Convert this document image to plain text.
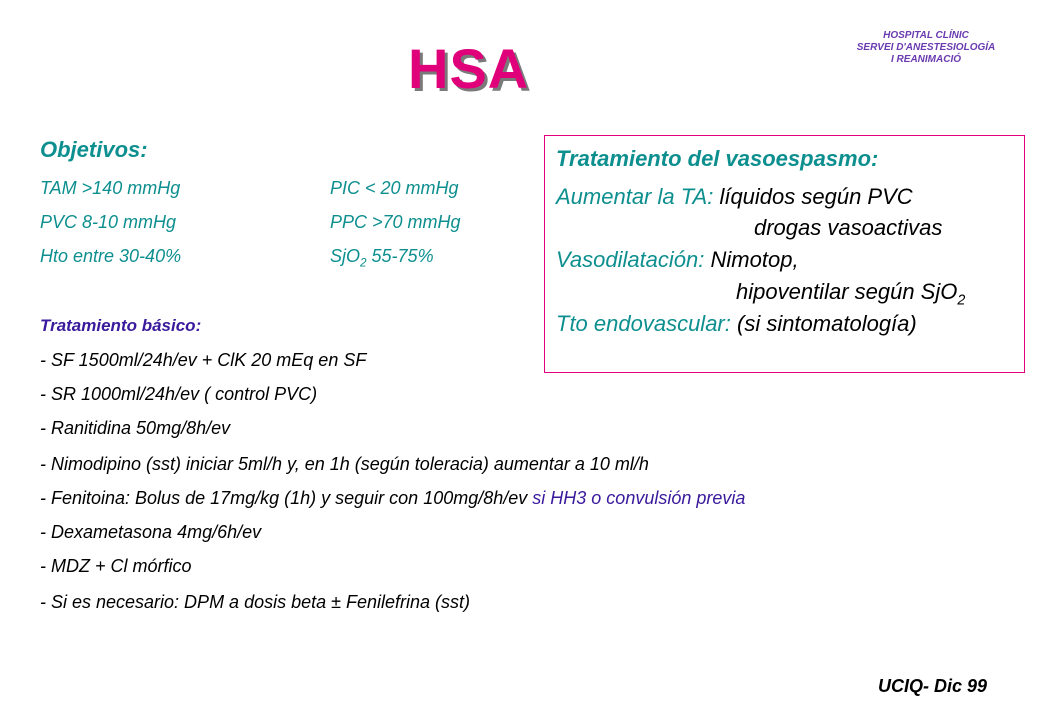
HSA
HOSPITAL CLÍNIC
SERVEI D'ANESTESIOLOGÍA
I REANIMACIÓ
Objetivos:
TAM >140 mmHg	PIC < 20 mmHg
PVC 8-10 mmHg	PPC >70 mmHg
Hto entre 30-40%	SjO$_2$ 55-75%
Tratamiento básico:
- SF 1500ml/24h/ev + ClK 20 mEq en SF
- SR 1000ml/24h/ev ( control PVC)
- Ranitidina 50mg/8h/ev
- Nimodipino (sst) iniciar 5ml/h y, en 1h (según toleracia) aumentar a 10 ml/h
- Fenitoina: Bolus de 17mg/kg (1h) y seguir con 100mg/8h/ev si HH3 o convulsión previa
- Dexametasona 4mg/6h/ev
- MDZ + Cl mórfico
- Si es necesario: DPM a dosis beta ± Fenilefrina (sst)
Tratamiento del vasoespasmo:
Aumentar la TA: líquidos según PVC
drogas vasoactivas
Vasodilatación: Nimotop,
hipoventilar según SjO$_2$
Tto endovascular: (si sintomatología)
UCIQ- Dic 99
